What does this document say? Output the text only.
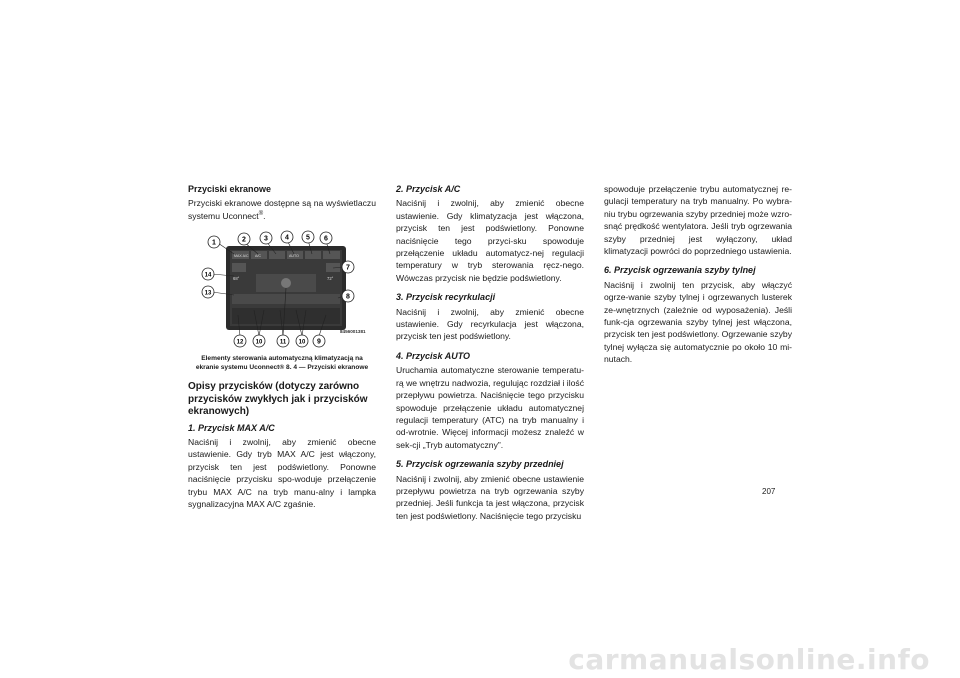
Przyciski ekranowe

Przyciski ekranowe dostępne są na wyświetlaczu systemu Uconnect®.

MAX A/C A/C	AUTO
68°	72°
1	2	3 4 5 6
7
8
9
10
11
10
12
13
14
8456001381
Elementy sterowania automatyczną klimatyzacją na
ekranie systemu Uconnect® 8. 4 — Przyciski ekranowe
Opisy przycisków (dotyczy zarówno przycisków zwykłych jak i przycisków ekranowych)
1. Przycisk MAX A/C

Naciśnij i zwolnij, aby zmienić obecne ustawienie. Gdy tryb MAX A/C jest włączony, przycisk ten jest podświetlony. Ponowne naciśnięcie przycisku spo-woduje przełączenie trybu MAX A/C na tryb manu-alny i lampka sygnalizacyjna MAX A/C zgaśnie.

2. Przycisk A/C

Naciśnij i zwolnij, aby zmienić obecne ustawienie. Gdy klimatyzacja jest włączona, przycisk ten jest podświetlony. Ponowne naciśnięcie tego przyci-sku spowoduje przełączenie układu automatycz-nej regulacji temperatury w tryb sterowania ręcz-nego. Wówczas przycisk nie będzie podświetlony.

3. Przycisk recyrkulacji

Naciśnij i zwolnij, aby zmienić obecne ustawienie. Gdy recyrkulacja jest włączona, przycisk ten jest podświetlony.

4. Przycisk AUTO

Uruchamia automatyczne sterowanie temperatu-rą we wnętrzu nadwozia, regulując rozdział i ilość przepływu powietrza. Naciśnięcie tego przycisku spowoduje przełączenie układu automatycznej regulacji temperatury (ATC) na tryb manualny i od-wrotnie. Więcej informacji możesz znaleźć w sek-cji „Tryb automatyczny”.

5. Przycisk ogrzewania szyby przedniej

Naciśnij i zwolnij, aby zmienić obecne ustawienie przepływu powietrza na tryb ogrzewania szyby przedniej. Jeśli funkcja ta jest włączona, przycisk ten jest podświetlony. Naciśnięcie tego przycisku

spowoduje przełączenie trybu automatycznej re-gulacji temperatury na tryb manualny. Po wybra-niu trybu ogrzewania szyby przedniej może wzro-snąć prędkość wentylatora. Jeśli tryb ogrzewania szyby przedniej jest wyłączony, układ klimatyzacji powróci do poprzedniego ustawienia.

6. Przycisk ogrzewania szyby tylnej

Naciśnij i zwolnij ten przycisk, aby włączyć ogrze-wanie szyby tylnej i ogrzewanych lusterek ze-wnętrznych (zależnie od wyposażenia). Jeśli funk-cja ogrzewania szyby tylnej jest włączona, przycisk ten jest podświetlony. Ogrzewanie szyby tylnej wyłącza się automatycznie po około 10 mi-nutach.

207
carmanualsonline.info
